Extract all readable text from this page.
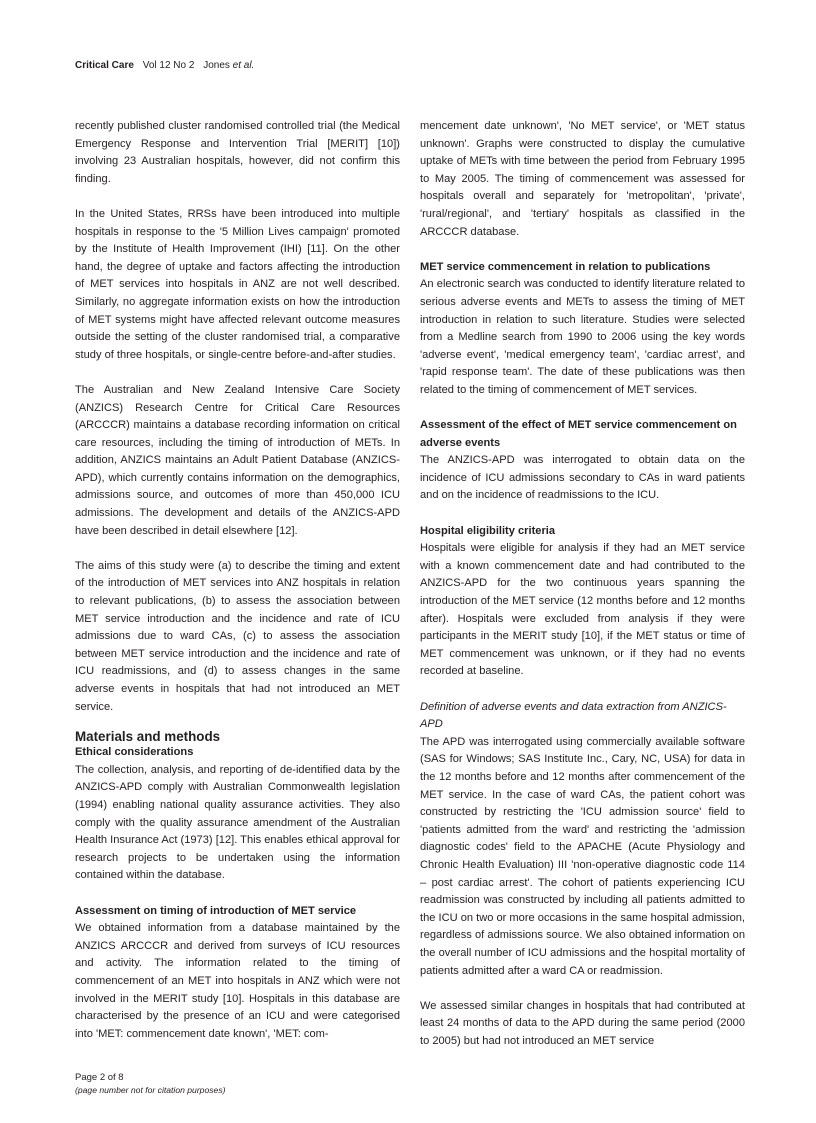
Critical Care Vol 12 No 2 Jones et al.

recently published cluster randomised controlled trial (the Medical Emergency Response and Intervention Trial [MERIT] [10]) involving 23 Australian hospitals, however, did not confirm this finding.

In the United States, RRSs have been introduced into multiple hospitals in response to the '5 Million Lives campaign' promoted by the Institute of Health Improvement (IHI) [11]. On the other hand, the degree of uptake and factors affecting the introduction of MET services into hospitals in ANZ are not well described. Similarly, no aggregate information exists on how the introduction of MET systems might have affected relevant outcome measures outside the setting of the cluster randomised trial, a comparative study of three hospitals, or single-centre before-and-after studies.

The Australian and New Zealand Intensive Care Society (ANZICS) Research Centre for Critical Care Resources (ARCCCR) maintains a database recording information on critical care resources, including the timing of introduction of METs. In addition, ANZICS maintains an Adult Patient Database (ANZICS-APD), which currently contains information on the demographics, admissions source, and outcomes of more than 450,000 ICU admissions. The development and details of the ANZICS-APD have been described in detail elsewhere [12].

The aims of this study were (a) to describe the timing and extent of the introduction of MET services into ANZ hospitals in relation to relevant publications, (b) to assess the association between MET service introduction and the incidence and rate of ICU admissions due to ward CAs, (c) to assess the association between MET service introduction and the incidence and rate of ICU readmissions, and (d) to assess changes in the same adverse events in hospitals that had not introduced an MET service.

Materials and methods
Ethical considerations

The collection, analysis, and reporting of de-identified data by the ANZICS-APD comply with Australian Commonwealth legislation (1994) enabling national quality assurance activities. They also comply with the quality assurance amendment of the Australian Health Insurance Act (1973) [12]. This enables ethical approval for research projects to be undertaken using the information contained within the database.

Assessment on timing of introduction of MET service

We obtained information from a database maintained by the ANZICS ARCCCR and derived from surveys of ICU resources and activity. The information related to the timing of commencement of an MET into hospitals in ANZ which were not involved in the MERIT study [10]. Hospitals in this database are characterised by the presence of an ICU and were categorised into 'MET: commencement date known', 'MET: com-

mencement date unknown', 'No MET service', or 'MET status unknown'. Graphs were constructed to display the cumulative uptake of METs with time between the period from February 1995 to May 2005. The timing of commencement was assessed for hospitals overall and separately for 'metropolitan', 'private', 'rural/regional', and 'tertiary' hospitals as classified in the ARCCCR database.

MET service commencement in relation to publications

An electronic search was conducted to identify literature related to serious adverse events and METs to assess the timing of MET introduction in relation to such literature. Studies were selected from a Medline search from 1990 to 2006 using the key words 'adverse event', 'medical emergency team', 'cardiac arrest', and 'rapid response team'. The date of these publications was then related to the timing of commencement of MET services.

Assessment of the effect of MET service commencement on adverse events

The ANZICS-APD was interrogated to obtain data on the incidence of ICU admissions secondary to CAs in ward patients and on the incidence of readmissions to the ICU.

Hospital eligibility criteria

Hospitals were eligible for analysis if they had an MET service with a known commencement date and had contributed to the ANZICS-APD for the two continuous years spanning the introduction of the MET service (12 months before and 12 months after). Hospitals were excluded from analysis if they were participants in the MERIT study [10], if the MET status or time of MET commencement was unknown, or if they had no events recorded at baseline.

Definition of adverse events and data extraction from ANZICS-APD

The APD was interrogated using commercially available software (SAS for Windows; SAS Institute Inc., Cary, NC, USA) for data in the 12 months before and 12 months after commencement of the MET service. In the case of ward CAs, the patient cohort was constructed by restricting the 'ICU admission source' field to 'patients admitted from the ward' and restricting the 'admission diagnostic codes' field to the APACHE (Acute Physiology and Chronic Health Evaluation) III 'non-operative diagnostic code 114 – post cardiac arrest'. The cohort of patients experiencing ICU readmission was constructed by including all patients admitted to the ICU on two or more occasions in the same hospital admission, regardless of admissions source. We also obtained information on the overall number of ICU admissions and the hospital mortality of patients admitted after a ward CA or readmission.

We assessed similar changes in hospitals that had contributed at least 24 months of data to the APD during the same period (2000 to 2005) but had not introduced an MET service

Page 2 of 8
(page number not for citation purposes)
